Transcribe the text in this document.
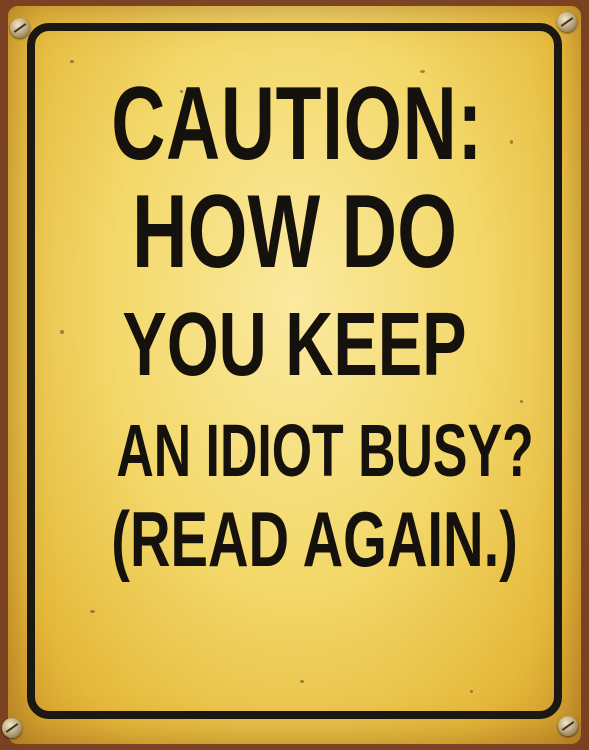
CAUTION:
HOW DO
YOU KEEP
AN IDIOT BUSY?
(READ AGAIN.)
